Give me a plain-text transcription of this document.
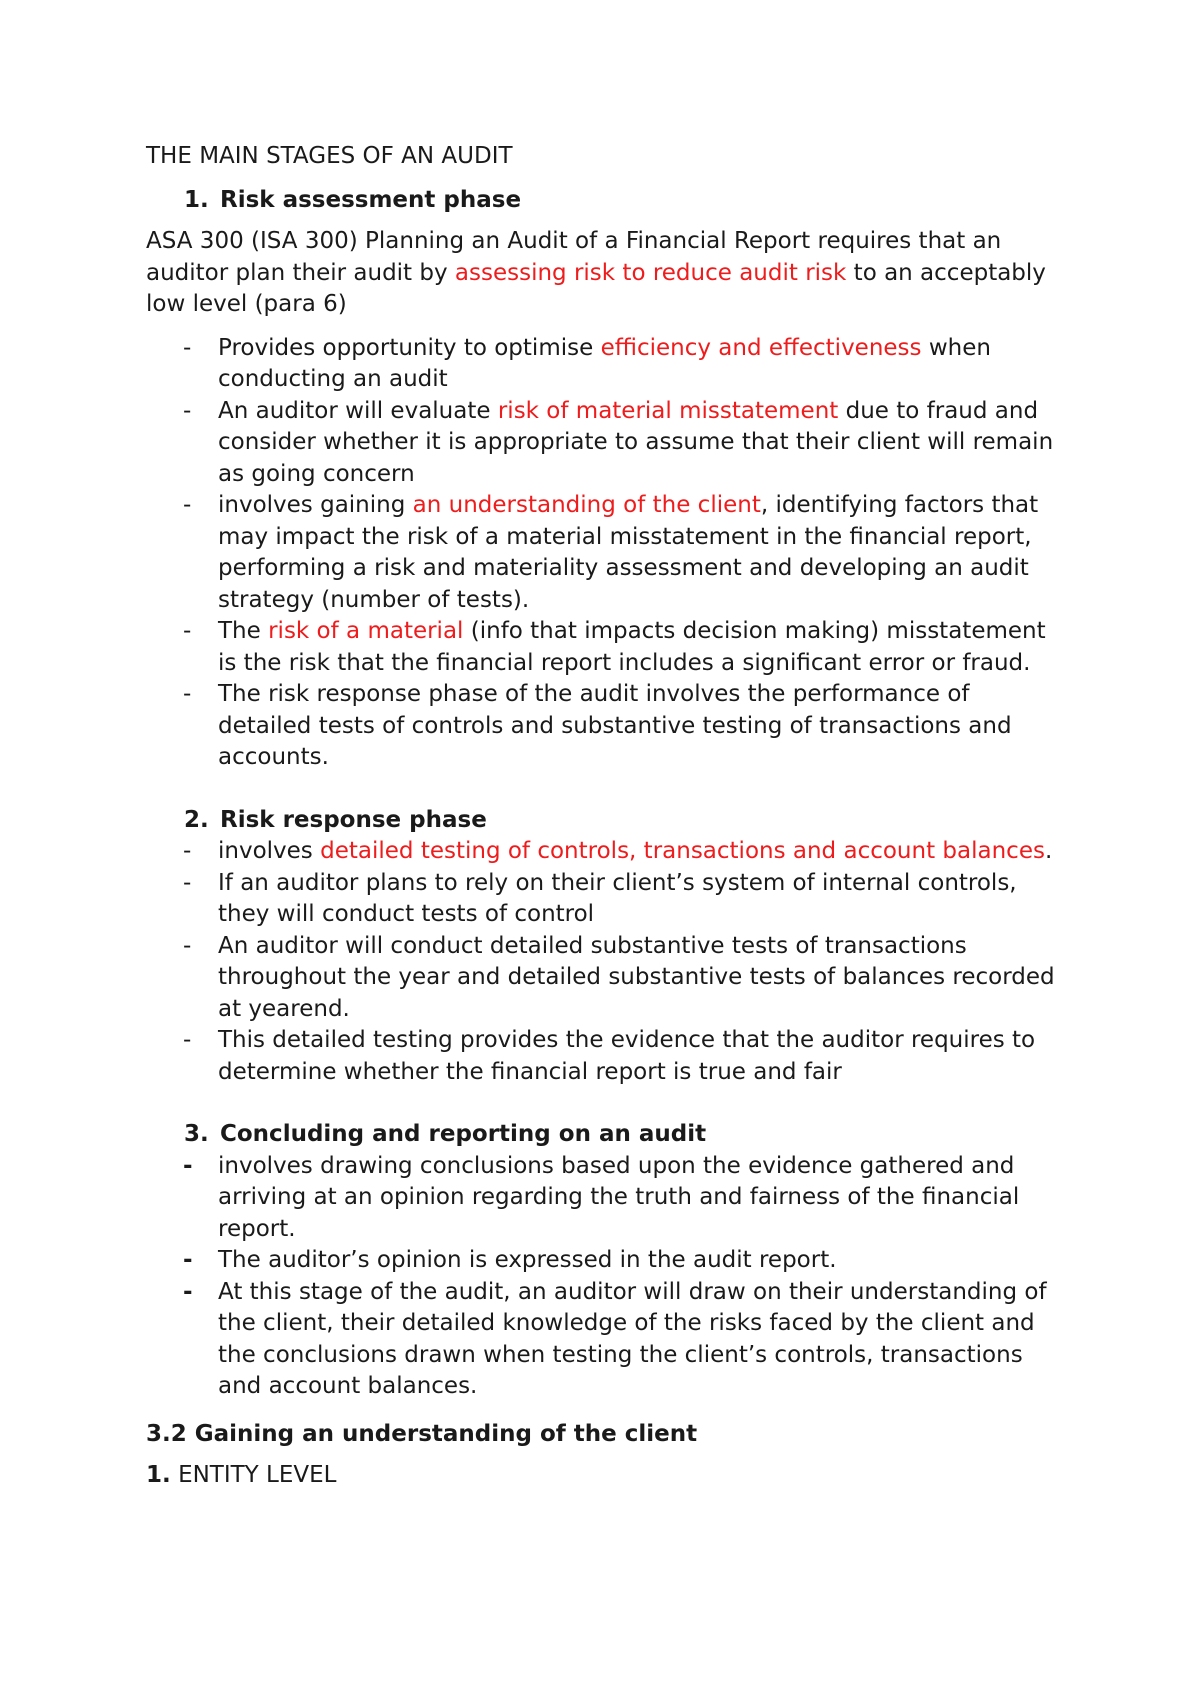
THE MAIN STAGES OF AN AUDIT
1. Risk assessment phase
ASA 300 (ISA 300) Planning an Audit of a Financial Report requires that an auditor plan their audit by assessing risk to reduce audit risk to an acceptably low level (para 6)
- Provides opportunity to optimise efficiency and effectiveness when conducting an audit
- An auditor will evaluate risk of material misstatement due to fraud and consider whether it is appropriate to assume that their client will remain as going concern
- involves gaining an understanding of the client, identifying factors that may impact the risk of a material misstatement in the financial report, performing a risk and materiality assessment and developing an audit strategy (number of tests).
- The risk of a material (info that impacts decision making) misstatement is the risk that the financial report includes a significant error or fraud.
- The risk response phase of the audit involves the performance of detailed tests of controls and substantive testing of transactions and accounts.
2. Risk response phase
- involves detailed testing of controls, transactions and account balances.
- If an auditor plans to rely on their client’s system of internal controls, they will conduct tests of control
- An auditor will conduct detailed substantive tests of transactions throughout the year and detailed substantive tests of balances recorded at yearend.
- This detailed testing provides the evidence that the auditor requires to determine whether the financial report is true and fair
3. Concluding and reporting on an audit
- involves drawing conclusions based upon the evidence gathered and arriving at an opinion regarding the truth and fairness of the financial report.
- The auditor’s opinion is expressed in the audit report.
- At this stage of the audit, an auditor will draw on their understanding of the client, their detailed knowledge of the risks faced by the client and the conclusions drawn when testing the client’s controls, transactions and account balances.
3.2 Gaining an understanding of the client
1. ENTITY LEVEL
